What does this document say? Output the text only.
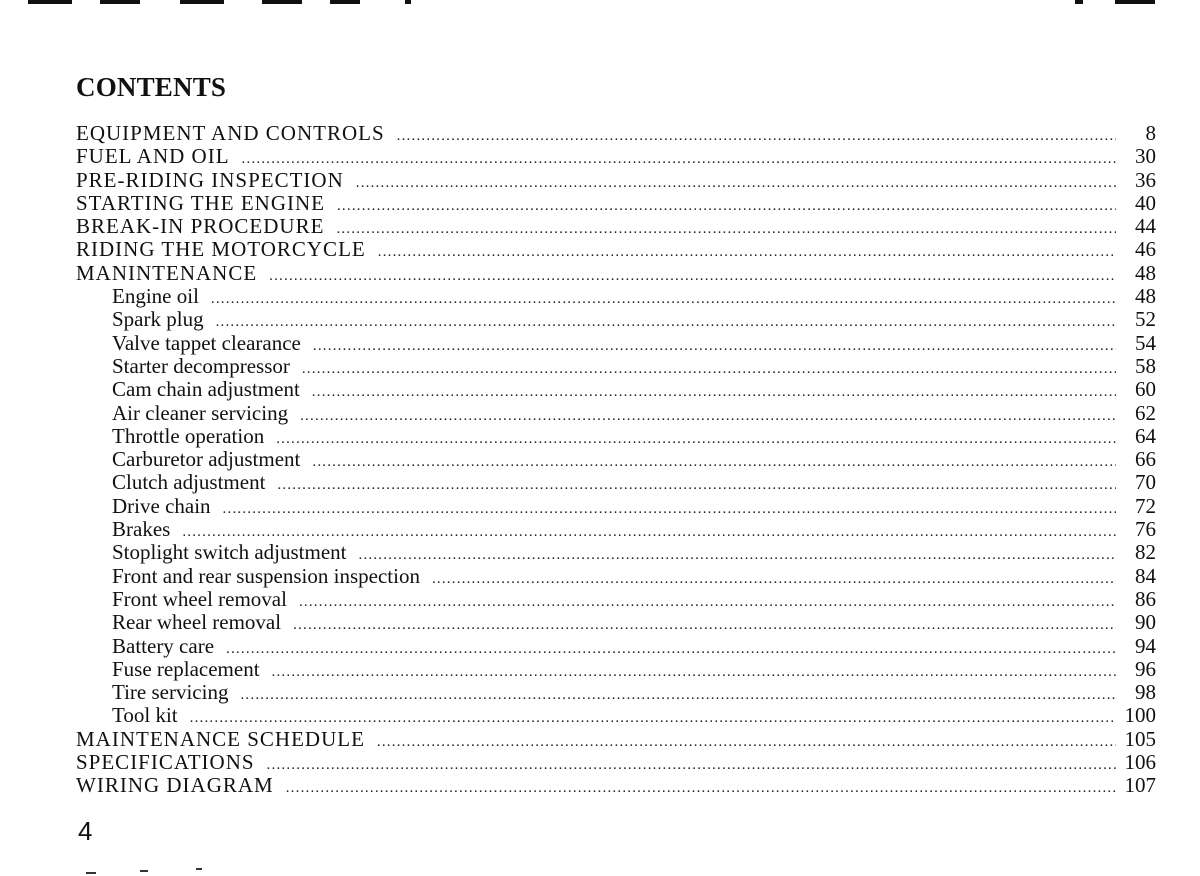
CONTENTS
EQUIPMENT AND CONTROLS .....	8
FUEL AND OIL .....	30
PRE-RIDING INSPECTION .....	36
STARTING THE ENGINE .....	40
BREAK-IN PROCEDURE .....	44
RIDING THE MOTORCYCLE .....	46
MANINTENANCE .....	48
Engine oil .....	48
Spark plug .....	52
Valve tappet clearance .....	54
Starter decompressor .....	58
Cam chain adjustment .....	60
Air cleaner servicing .....	62
Throttle operation .....	64
Carburetor adjustment .....	66
Clutch adjustment .....	70
Drive chain .....	72
Brakes .....	76
Stoplight switch adjustment .....	82
Front and rear suspension inspection .....	84
Front wheel removal .....	86
Rear wheel removal .....	90
Battery care .....	94
Fuse replacement .....	96
Tire servicing .....	98
Tool kit .....	100
MAINTENANCE SCHEDULE .....	105
SPECIFICATIONS .....	106
WIRING DIAGRAM .....	107
4
